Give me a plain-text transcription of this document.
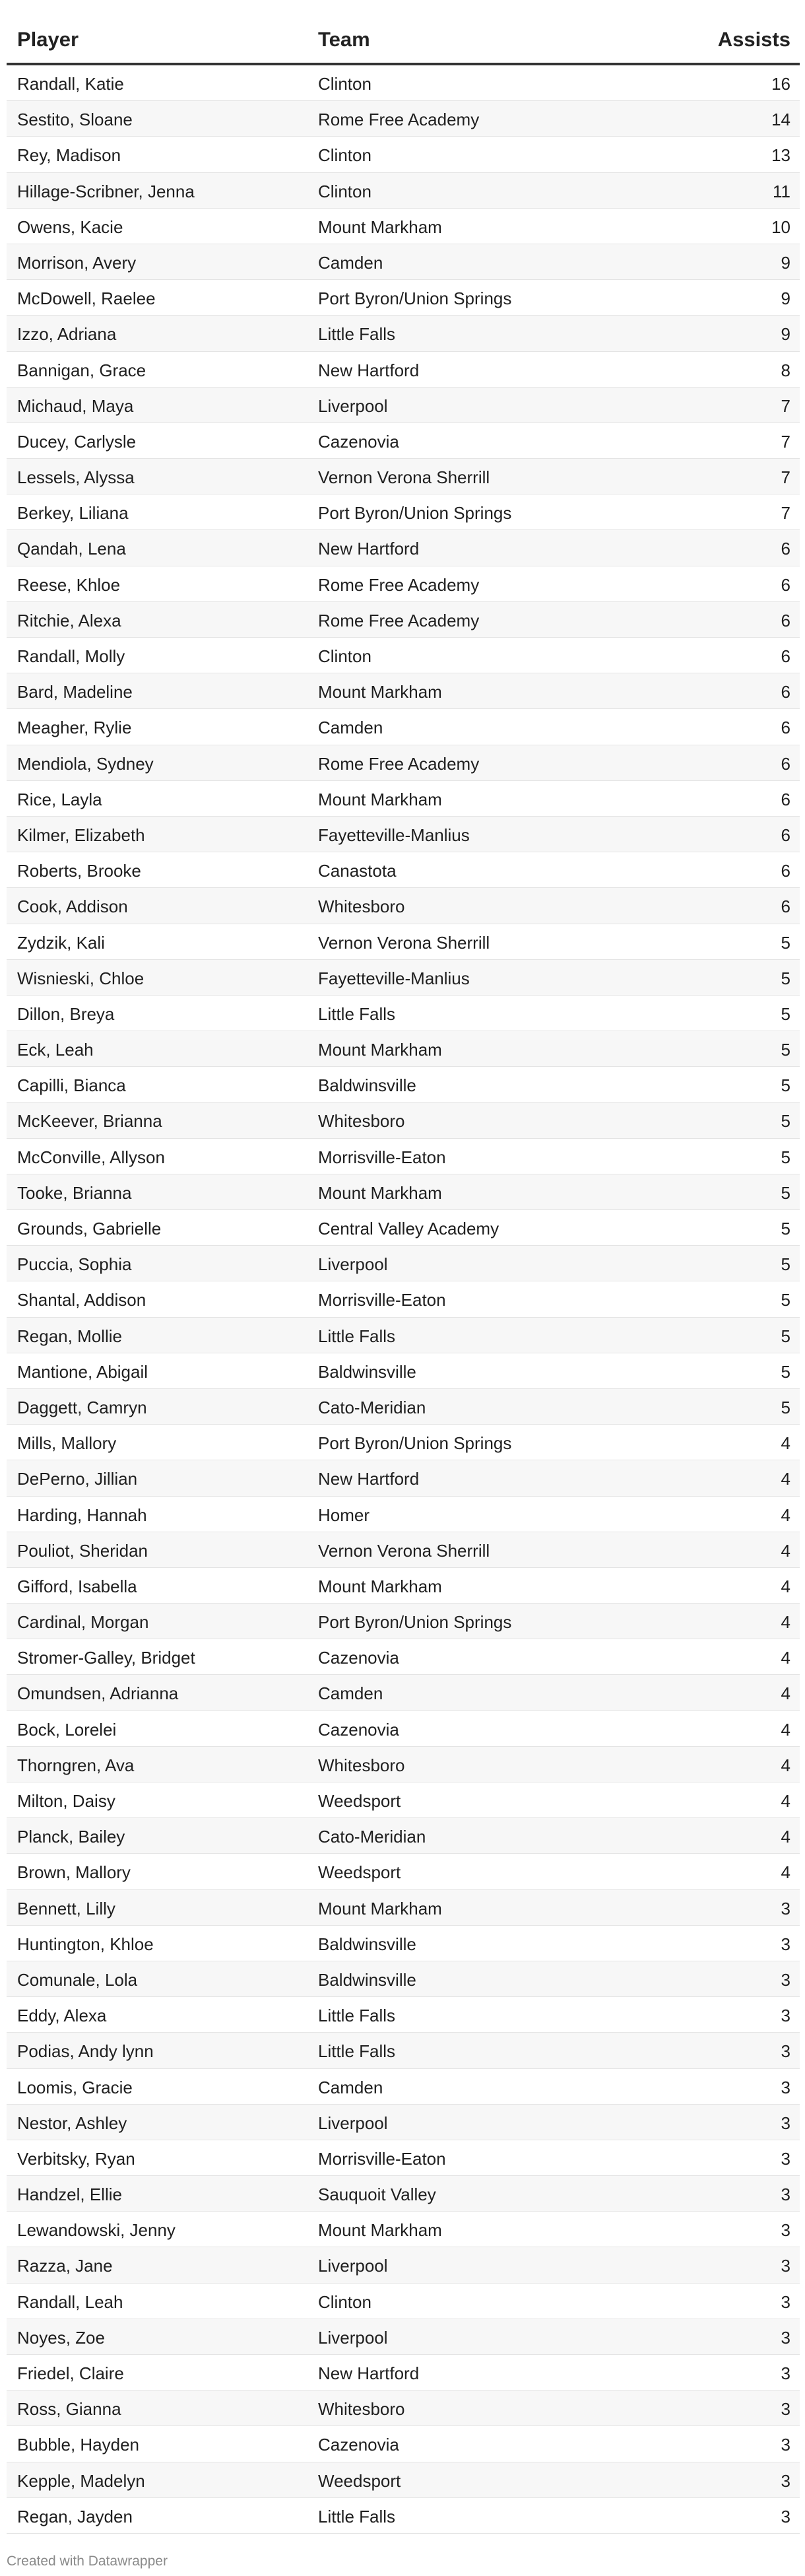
Player	Team	Assists
Randall, Katie	Clinton	16
Sestito, Sloane	Rome Free Academy	14
Rey, Madison	Clinton	13
Hillage-Scribner, Jenna	Clinton	11
Owens, Kacie	Mount Markham	10
Morrison, Avery	Camden	9
McDowell, Raelee	Port Byron/Union Springs	9
Izzo, Adriana	Little Falls	9
Bannigan, Grace	New Hartford	8
Michaud, Maya	Liverpool	7
Ducey, Carlysle	Cazenovia	7
Lessels, Alyssa	Vernon Verona Sherrill	7
Berkey, Liliana	Port Byron/Union Springs	7
Qandah, Lena	New Hartford	6
Reese, Khloe	Rome Free Academy	6
Ritchie, Alexa	Rome Free Academy	6
Randall, Molly	Clinton	6
Bard, Madeline	Mount Markham	6
Meagher, Rylie	Camden	6
Mendiola, Sydney	Rome Free Academy	6
Rice, Layla	Mount Markham	6
Kilmer, Elizabeth	Fayetteville-Manlius	6
Roberts, Brooke	Canastota	6
Cook, Addison	Whitesboro	6
Zydzik, Kali	Vernon Verona Sherrill	5
Wisnieski, Chloe	Fayetteville-Manlius	5
Dillon, Breya	Little Falls	5
Eck, Leah	Mount Markham	5
Capilli, Bianca	Baldwinsville	5
McKeever, Brianna	Whitesboro	5
McConville, Allyson	Morrisville-Eaton	5
Tooke, Brianna	Mount Markham	5
Grounds, Gabrielle	Central Valley Academy	5
Puccia, Sophia	Liverpool	5
Shantal, Addison	Morrisville-Eaton	5
Regan, Mollie	Little Falls	5
Mantione, Abigail	Baldwinsville	5
Daggett, Camryn	Cato-Meridian	5
Mills, Mallory	Port Byron/Union Springs	4
DePerno, Jillian	New Hartford	4
Harding, Hannah	Homer	4
Pouliot, Sheridan	Vernon Verona Sherrill	4
Gifford, Isabella	Mount Markham	4
Cardinal, Morgan	Port Byron/Union Springs	4
Stromer-Galley, Bridget	Cazenovia	4
Omundsen, Adrianna	Camden	4
Bock, Lorelei	Cazenovia	4
Thorngren, Ava	Whitesboro	4
Milton, Daisy	Weedsport	4
Planck, Bailey	Cato-Meridian	4
Brown, Mallory	Weedsport	4
Bennett, Lilly	Mount Markham	3
Huntington, Khloe	Baldwinsville	3
Comunale, Lola	Baldwinsville	3
Eddy, Alexa	Little Falls	3
Podias, Andy lynn	Little Falls	3
Loomis, Gracie	Camden	3
Nestor, Ashley	Liverpool	3
Verbitsky, Ryan	Morrisville-Eaton	3
Handzel, Ellie	Sauquoit Valley	3
Lewandowski, Jenny	Mount Markham	3
Razza, Jane	Liverpool	3
Randall, Leah	Clinton	3
Noyes, Zoe	Liverpool	3
Friedel, Claire	New Hartford	3
Ross, Gianna	Whitesboro	3
Bubble, Hayden	Cazenovia	3
Kepple, Madelyn	Weedsport	3
Regan, Jayden	Little Falls	3
Created with Datawrapper
